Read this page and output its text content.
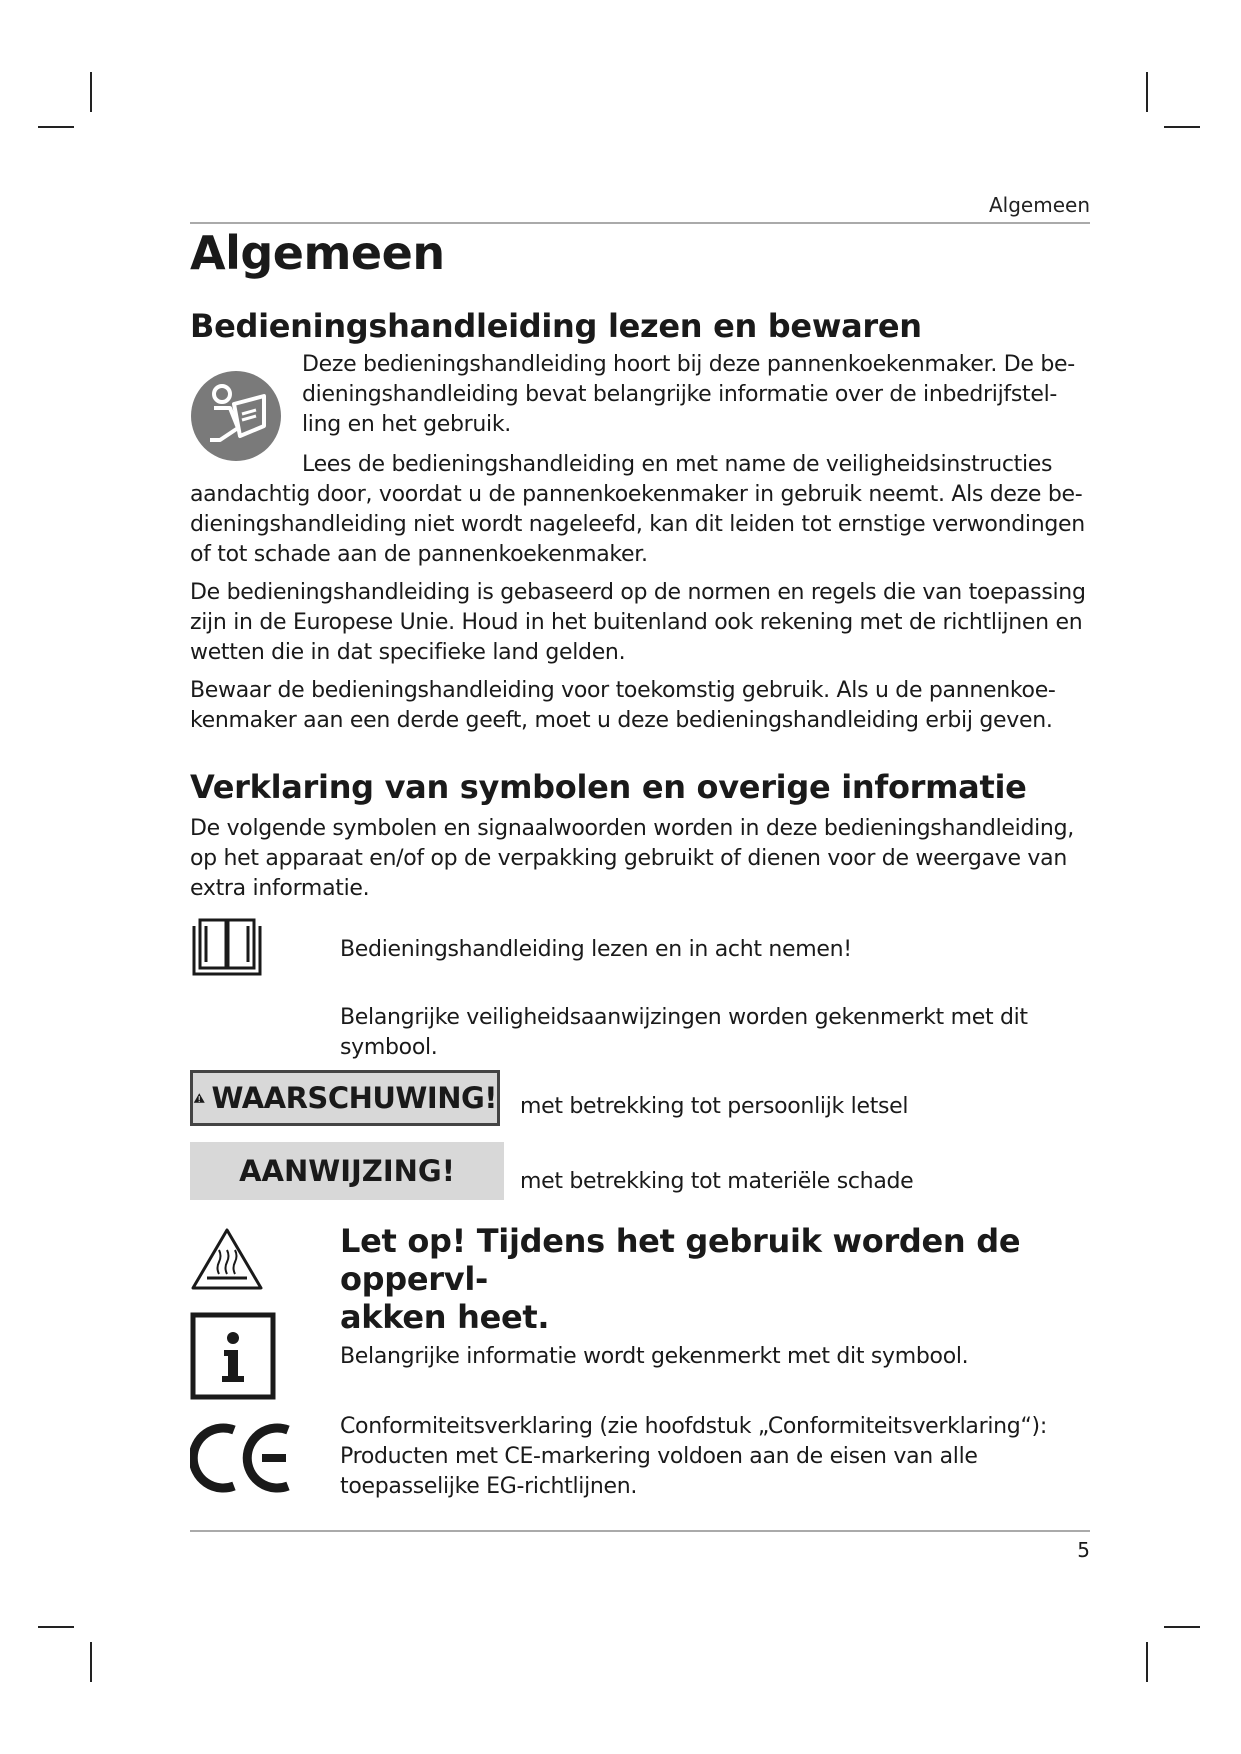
Algemeen
Algemeen
Bedieningshandleiding lezen en bewaren
Deze bedieningshandleiding hoort bij deze pannenkoekenmaker. De be-
dieningshandleiding bevat belangrijke informatie over de inbedrijfstel-
ling en het gebruik.
Lees de bedieningshandleiding en met name de veiligheidsinstructies
aandachtig door, voordat u de pannenkoekenmaker in gebruik neemt. Als deze be-
dieningshandleiding niet wordt nageleefd, kan dit leiden tot ernstige verwondingen
of tot schade aan de pannenkoekenmaker.
De bedieningshandleiding is gebaseerd op de normen en regels die van toepassing
zijn in de Europese Unie. Houd in het buitenland ook rekening met de richtlijnen en
wetten die in dat specifieke land gelden.
Bewaar de bedieningshandleiding voor toekomstig gebruik. Als u de pannenkoe-
kenmaker aan een derde geeft, moet u deze bedieningshandleiding erbij geven.
Verklaring van symbolen en overige informatie
De volgende symbolen en signaalwoorden worden in deze bedieningshandleiding,
op het apparaat en/of op de verpakking gebruikt of dienen voor de weergave van
extra informatie.
Bedieningshandleiding lezen en in acht nemen!
Belangrijke veiligheidsaanwijzingen worden gekenmerkt met dit
symbool.
WAARSCHUWING! met betrekking tot persoonlijk letsel
AANWIJZING!	met betrekking tot materiële schade
Let op! Tijdens het gebruik worden de oppervl-
akken heet.
Belangrijke informatie wordt gekenmerkt met dit symbool.
Conformiteitsverklaring (zie hoofdstuk „Conformiteitsverklaring“):
Producten met CE-markering voldoen aan de eisen van alle
toepasselijke EG-richtlijnen.
5
